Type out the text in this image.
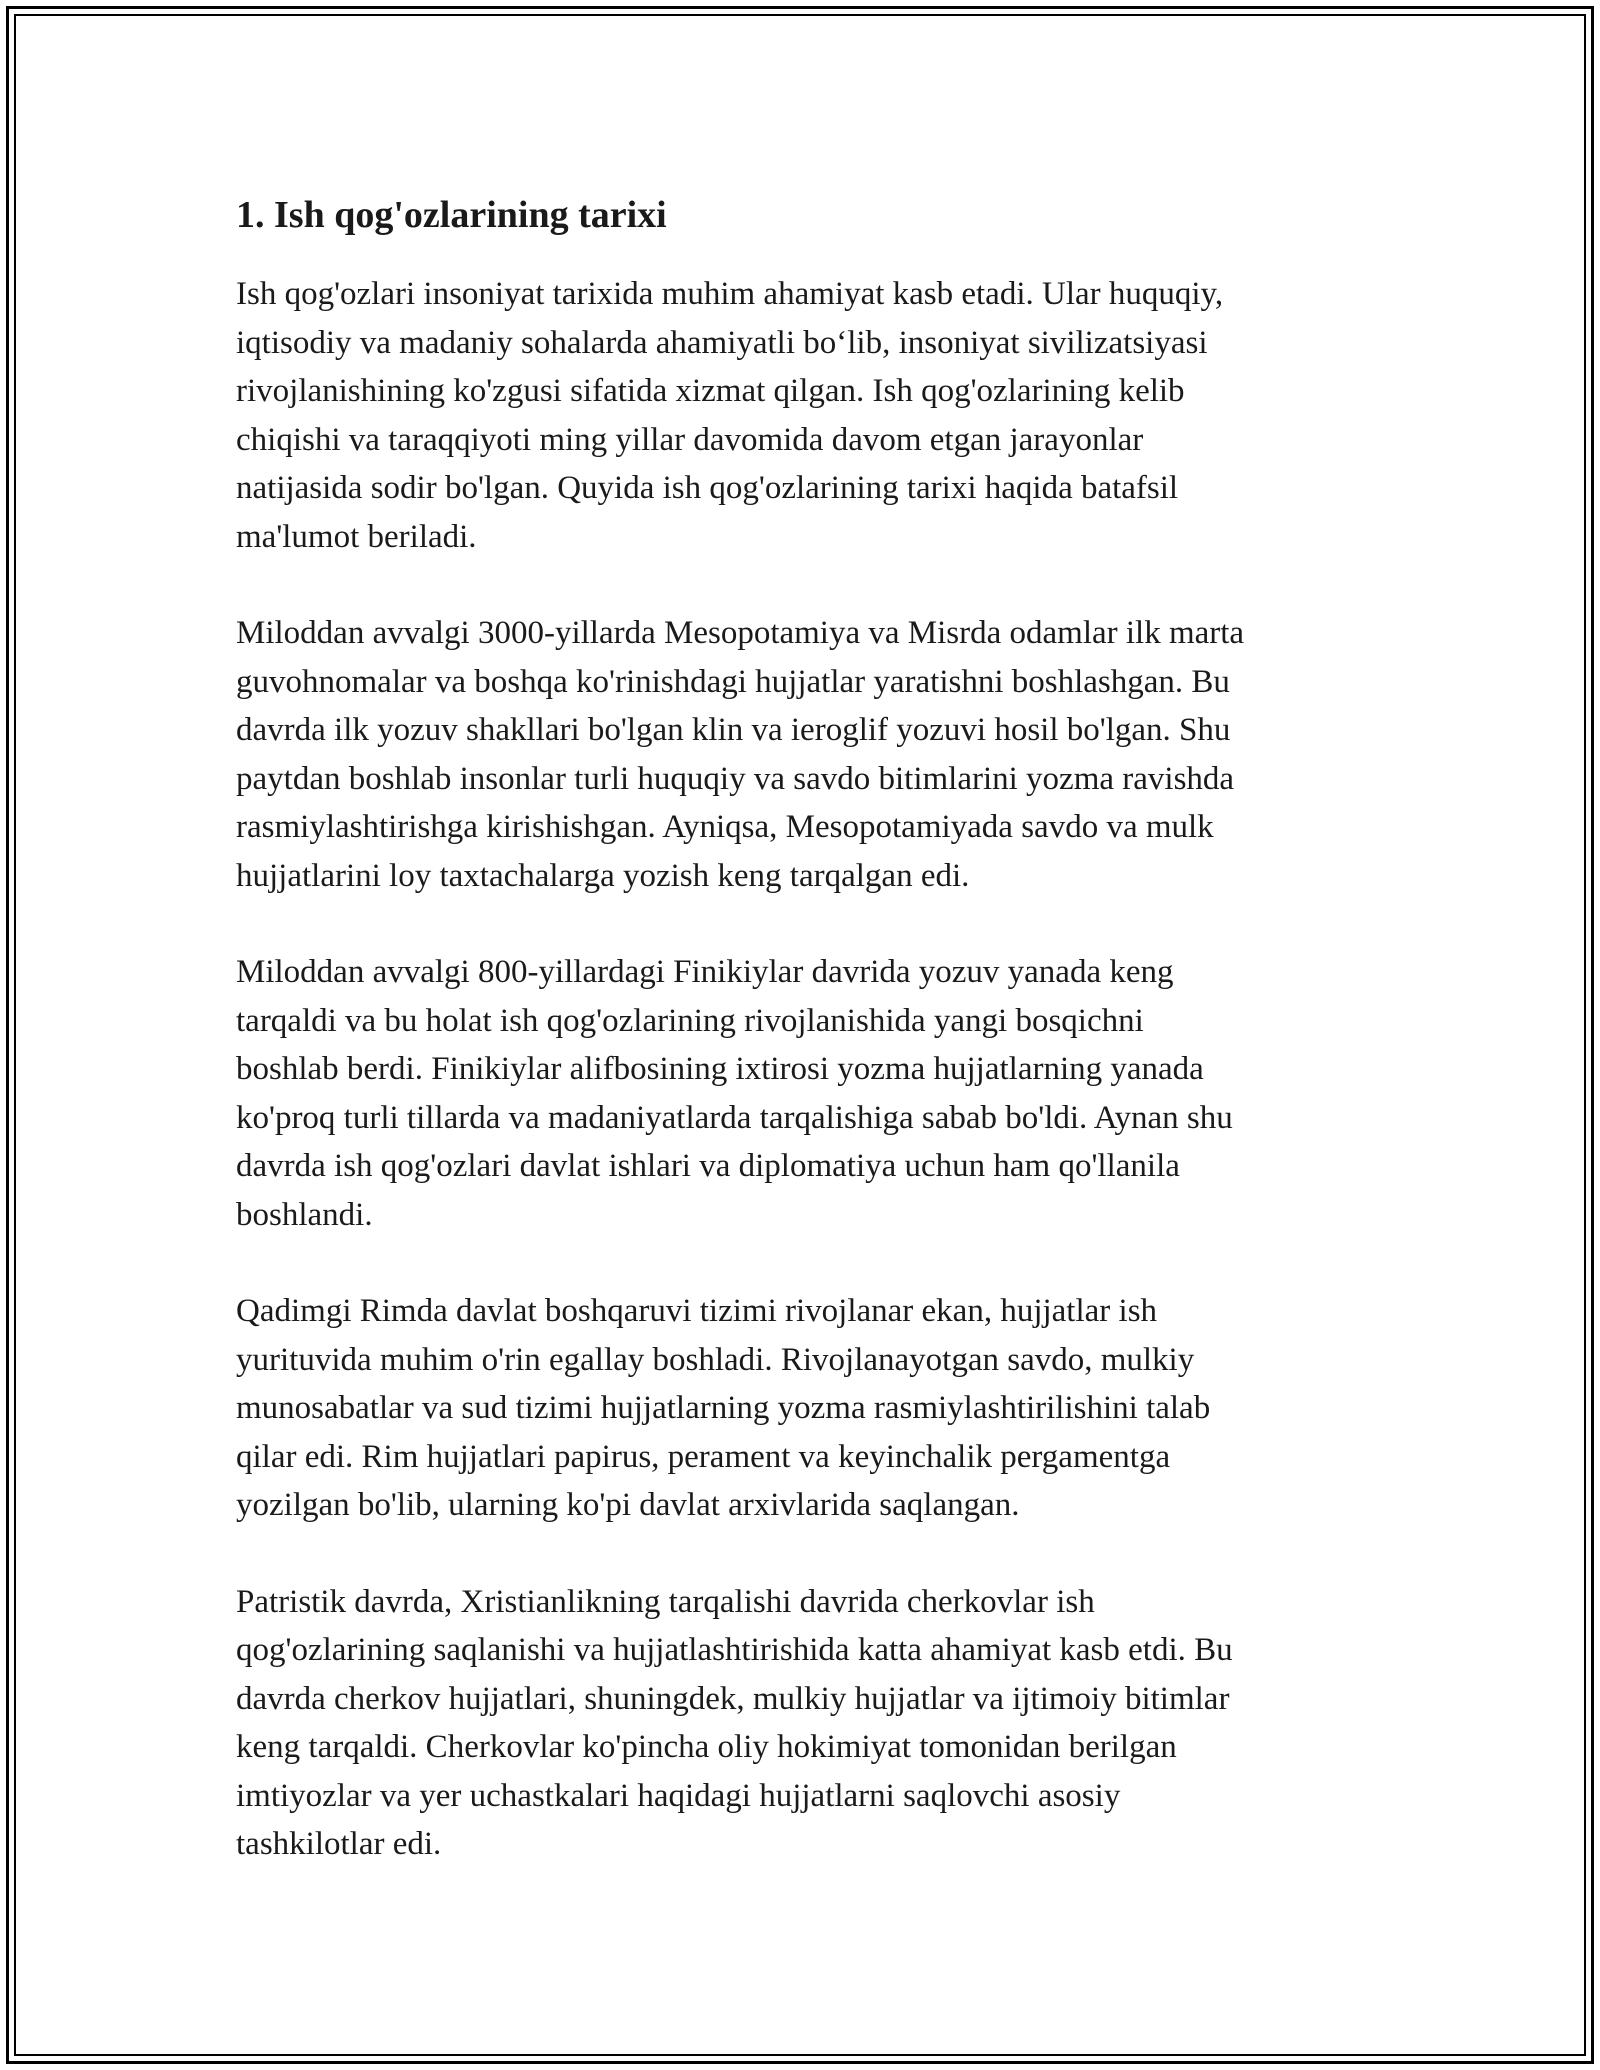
1. Ish qog'ozlarining tarixi

Ish qog'ozlari insoniyat tarixida muhim ahamiyat kasb etadi. Ular huquqiy,
iqtisodiy va madaniy sohalarda ahamiyatli bo‘lib, insoniyat sivilizatsiyasi
rivojlanishining ko'zgusi sifatida xizmat qilgan. Ish qog'ozlarining kelib
chiqishi va taraqqiyoti ming yillar davomida davom etgan jarayonlar
natijasida sodir bo'lgan. Quyida ish qog'ozlarining tarixi haqida batafsil
ma'lumot beriladi.

Miloddan avvalgi 3000-yillarda Mesopotamiya va Misrda odamlar ilk marta
guvohnomalar va boshqa ko'rinishdagi hujjatlar yaratishni boshlashgan. Bu
davrda ilk yozuv shakllari bo'lgan klin va ieroglif yozuvi hosil bo'lgan. Shu
paytdan boshlab insonlar turli huquqiy va savdo bitimlarini yozma ravishda
rasmiylashtirishga kirishishgan. Ayniqsa, Mesopotamiyada savdo va mulk
hujjatlarini loy taxtachalarga yozish keng tarqalgan edi.

Miloddan avvalgi 800-yillardagi Finikiylar davrida yozuv yanada keng
tarqaldi va bu holat ish qog'ozlarining rivojlanishida yangi bosqichni
boshlab berdi. Finikiylar alifbosining ixtirosi yozma hujjatlarning yanada
ko'proq turli tillarda va madaniyatlarda tarqalishiga sabab bo'ldi. Aynan shu
davrda ish qog'ozlari davlat ishlari va diplomatiya uchun ham qo'llanila
boshlandi.

Qadimgi Rimda davlat boshqaruvi tizimi rivojlanar ekan, hujjatlar ish
yurituvida muhim o'rin egallay boshladi. Rivojlanayotgan savdo, mulkiy
munosabatlar va sud tizimi hujjatlarning yozma rasmiylashtirilishini talab
qilar edi. Rim hujjatlari papirus, perament va keyinchalik pergamentga
yozilgan bo'lib, ularning ko'pi davlat arxivlarida saqlangan.

Patristik davrda, Xristianlikning tarqalishi davrida cherkovlar ish
qog'ozlarining saqlanishi va hujjatlashtirishida katta ahamiyat kasb etdi. Bu
davrda cherkov hujjatlari, shuningdek, mulkiy hujjatlar va ijtimoiy bitimlar
keng tarqaldi. Cherkovlar ko'pincha oliy hokimiyat tomonidan berilgan
imtiyozlar va yer uchastkalari haqidagi hujjatlarni saqlovchi asosiy
tashkilotlar edi.
